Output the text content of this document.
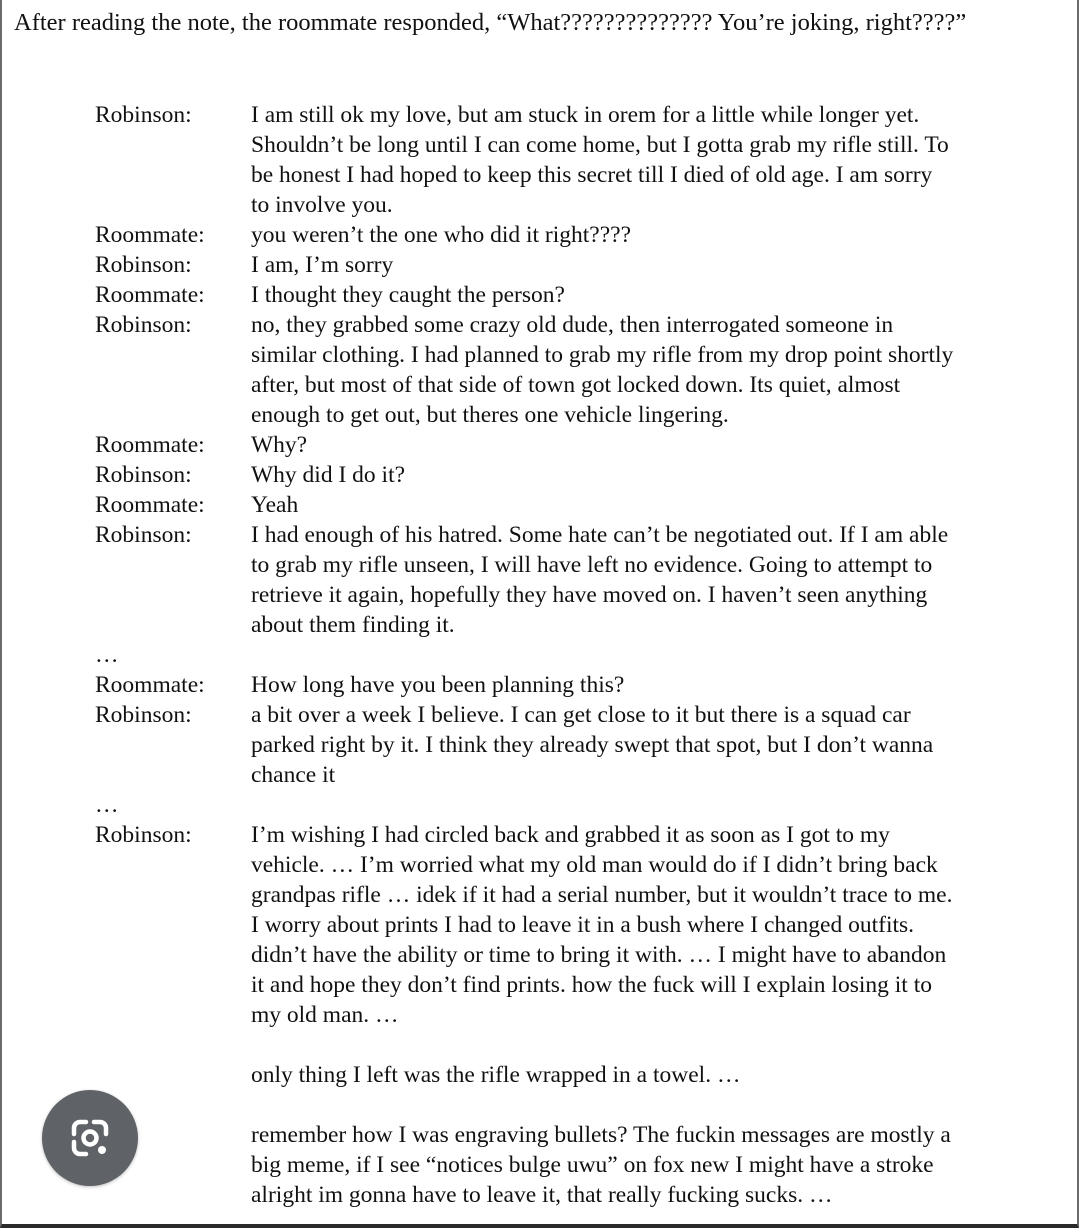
After reading the note, the roommate responded, “What?????????????? You’re joking, right????”
Robinson:	I am still ok my love, but am stuck in orem for a little while longer yet.
Shouldn’t be long until I can come home, but I gotta grab my rifle still. To
be honest I had hoped to keep this secret till I died of old age. I am sorry
to involve you.
Roommate:	you weren’t the one who did it right????
Robinson:	I am, I’m sorry
Roommate:	I thought they caught the person?
Robinson:	no, they grabbed some crazy old dude, then interrogated someone in
similar clothing. I had planned to grab my rifle from my drop point shortly
after, but most of that side of town got locked down. Its quiet, almost
enough to get out, but theres one vehicle lingering.
Roommate:	Why?
Robinson:	Why did I do it?
Roommate:	Yeah
Robinson:	I had enough of his hatred. Some hate can’t be negotiated out. If I am able
to grab my rifle unseen, I will have left no evidence. Going to attempt to
retrieve it again, hopefully they have moved on. I haven’t seen anything
about them finding it.
…
Roommate:	How long have you been planning this?
Robinson:	a bit over a week I believe. I can get close to it but there is a squad car
parked right by it. I think they already swept that spot, but I don’t wanna
chance it
…
Robinson:	I’m wishing I had circled back and grabbed it as soon as I got to my
vehicle. … I’m worried what my old man would do if I didn’t bring back
grandpas rifle … idek if it had a serial number, but it wouldn’t trace to me.
I worry about prints I had to leave it in a bush where I changed outfits.
didn’t have the ability or time to bring it with. … I might have to abandon
it and hope they don’t find prints. how the fuck will I explain losing it to
my old man. …
only thing I left was the rifle wrapped in a towel. …
remember how I was engraving bullets? The fuckin messages are mostly a
big meme, if I see “notices bulge uwu” on fox new I might have a stroke
alright im gonna have to leave it, that really fucking sucks. …
